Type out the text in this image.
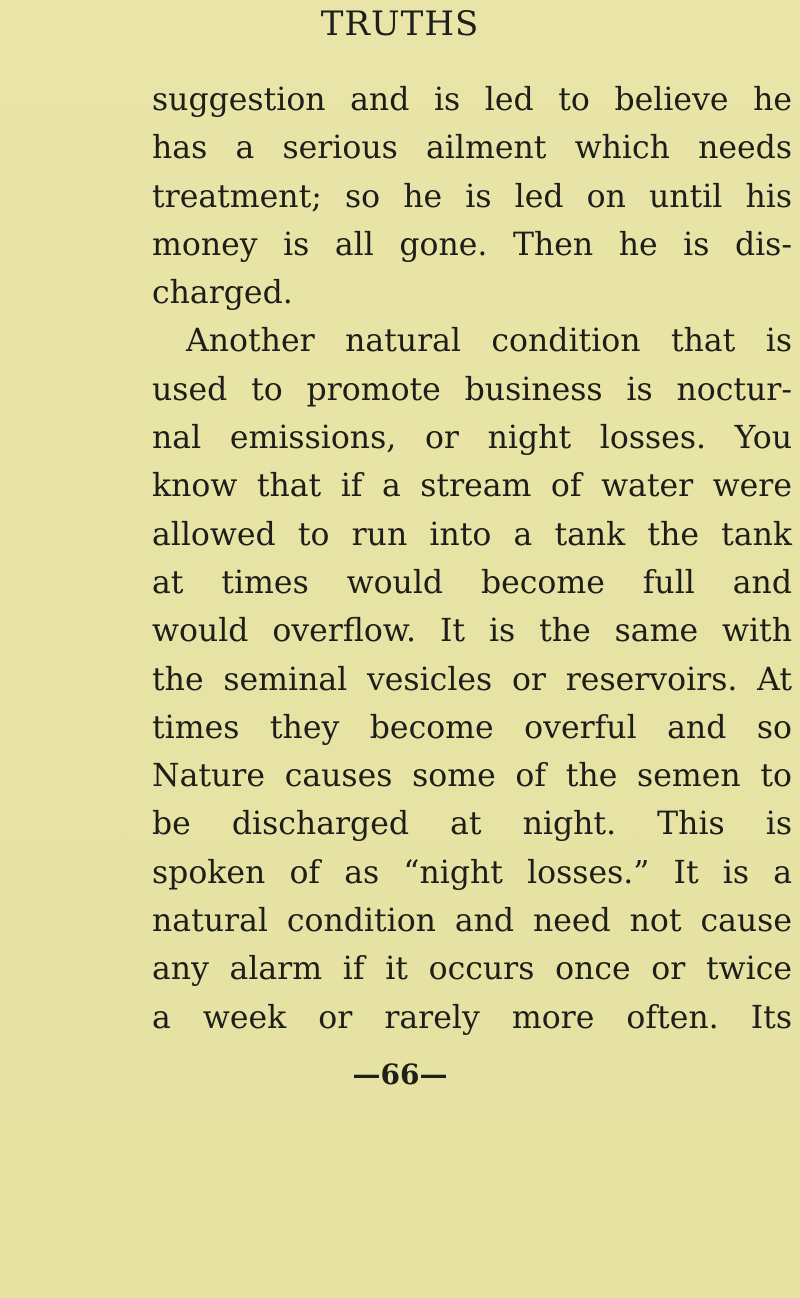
TRUTHS
suggestion and is led to believe he
has a serious ailment which needs
treatment; so he is led on until his
money is all gone. Then he is dis-
charged.
Another natural condition that is
used to promote business is noctur-
nal emissions, or night losses. You
know that if a stream of water were
allowed to run into a tank the tank
at times would become full and
would overflow. It is the same with
the seminal vesicles or reservoirs. At
times they become overful and so
Nature causes some of the semen to
be discharged at night. This is
spoken of as “night losses.” It is a
natural condition and need not cause
any alarm if it occurs once or twice
a week or rarely more often. Its
—66—
